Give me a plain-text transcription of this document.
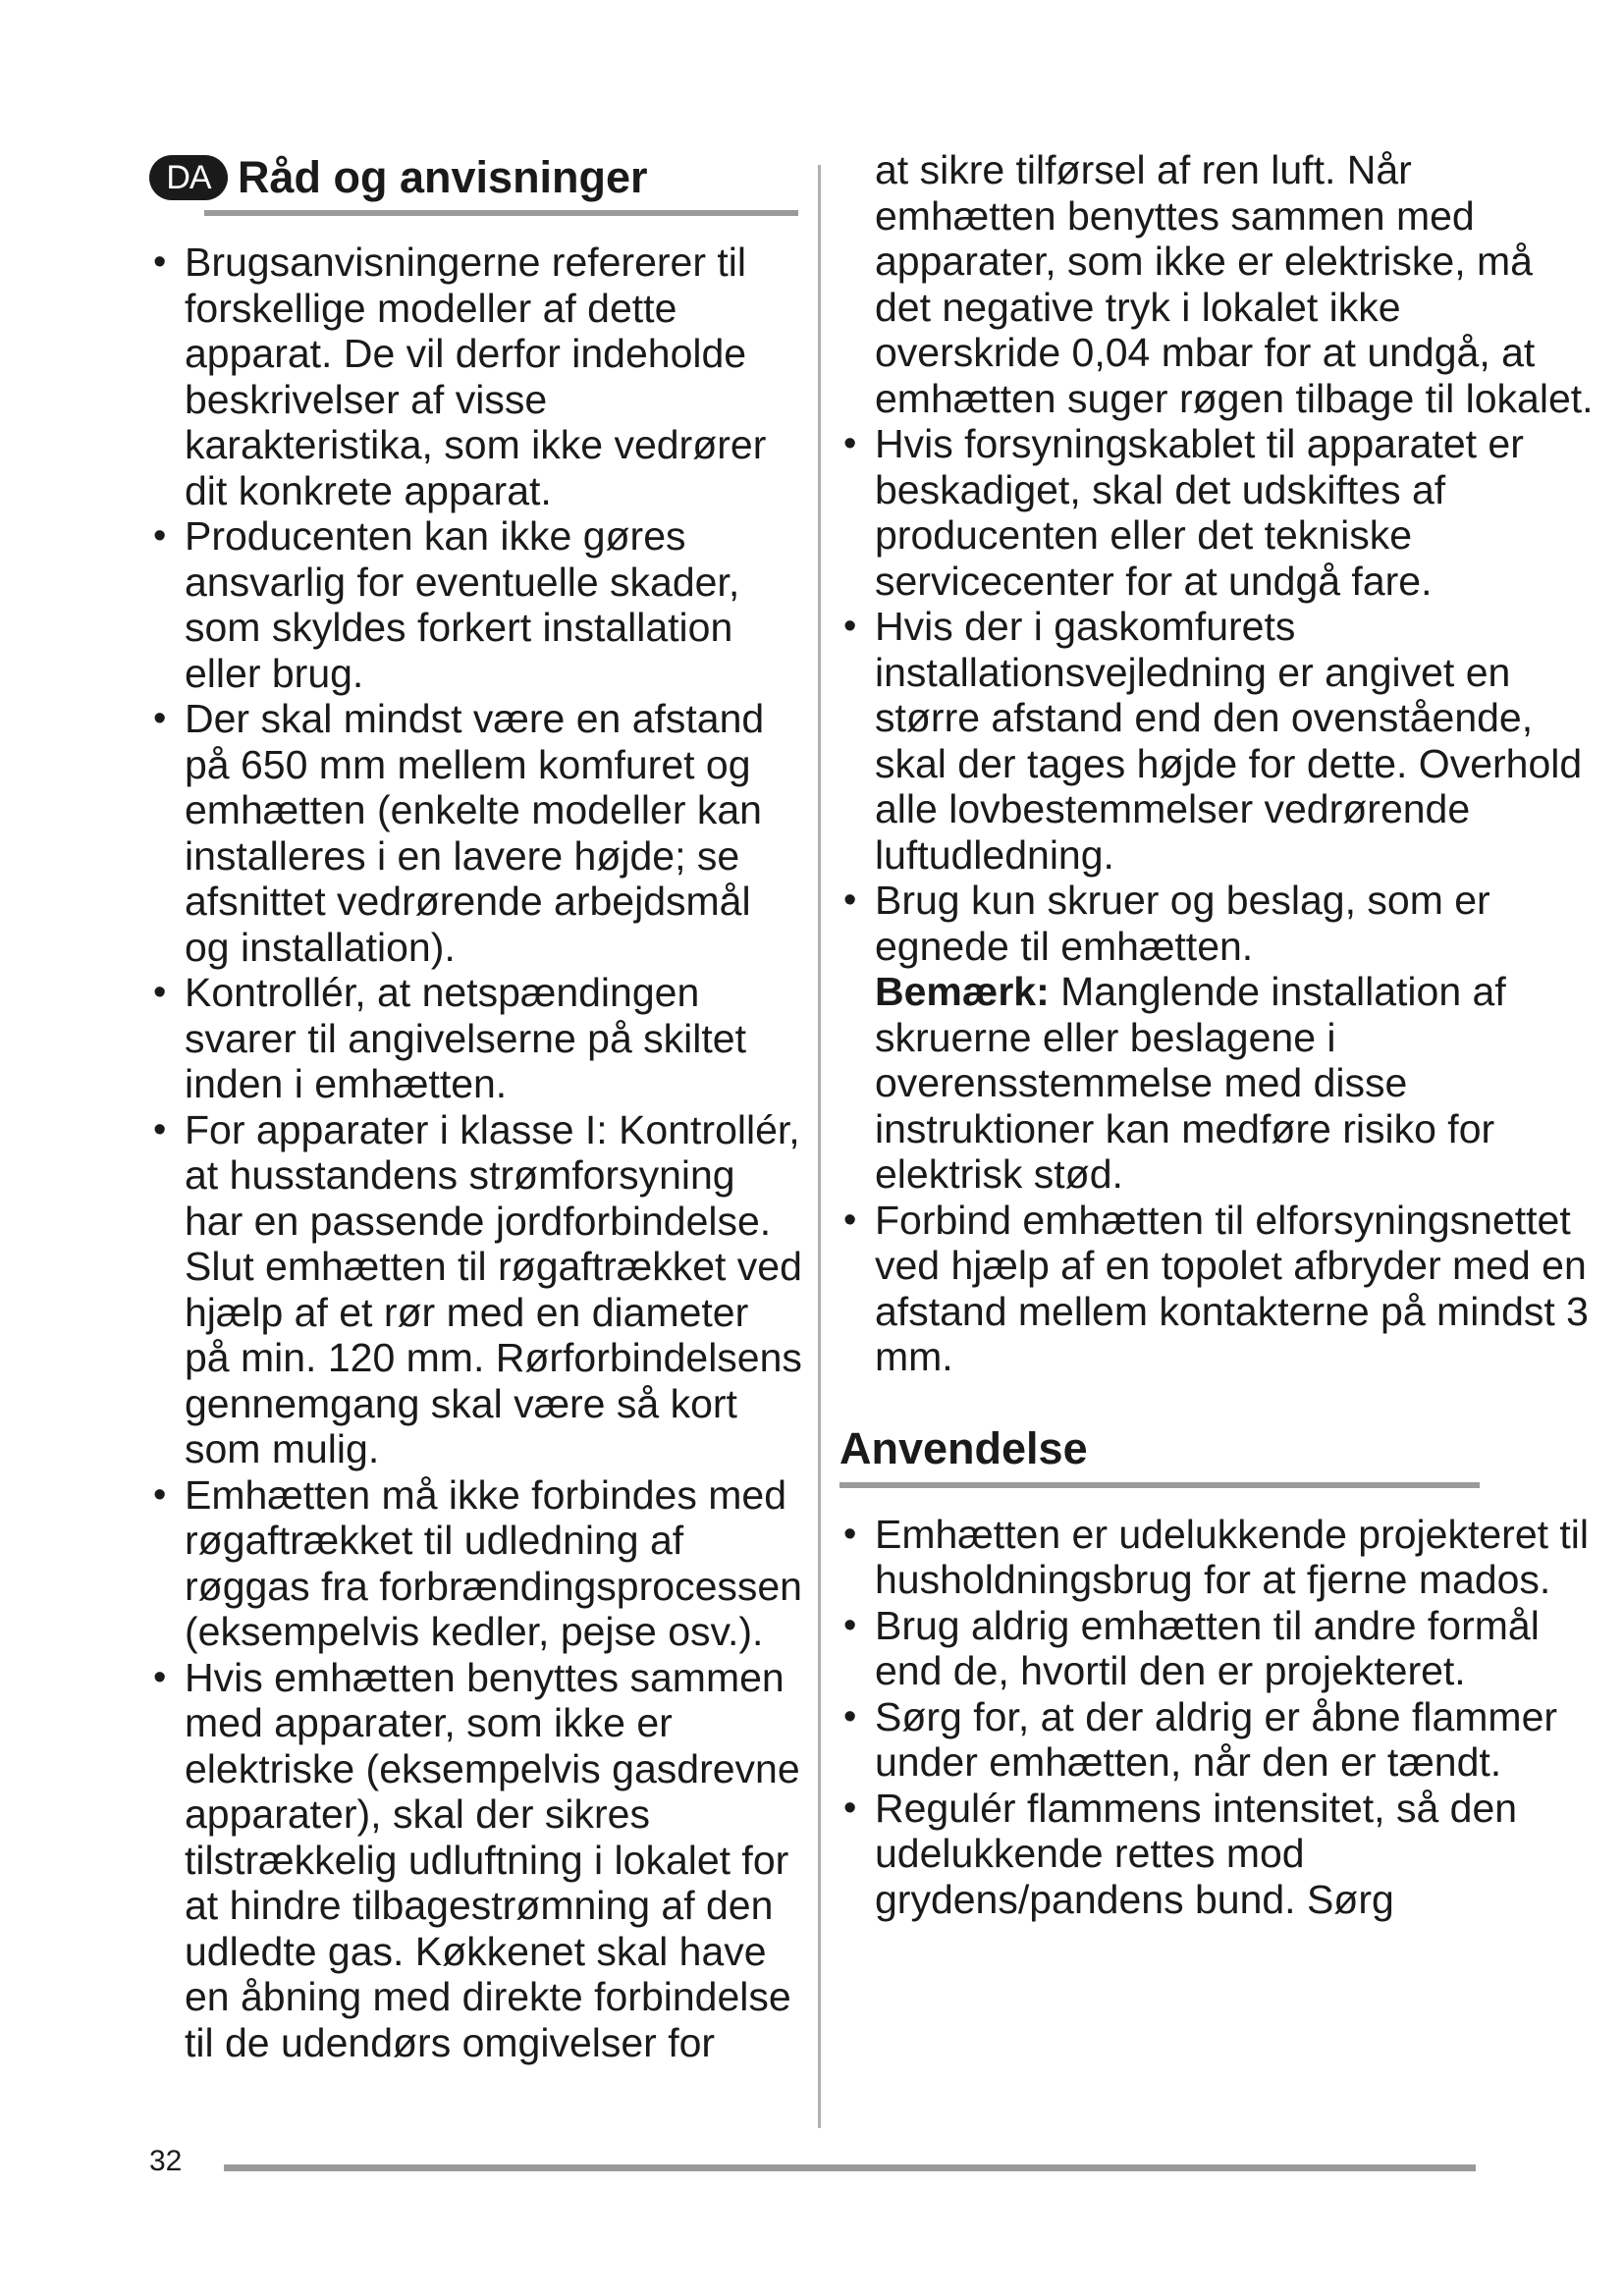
DA Råd og anvisninger
• Brugsanvisningerne refererer til forskellige modeller af dette apparat. De vil derfor indeholde beskrivelser af visse karakteristika, som ikke vedrører dit konkrete apparat.
• Producenten kan ikke gøres ansvarlig for eventuelle skader, som skyldes forkert installation eller brug.
• Der skal mindst være en afstand på 650 mm mellem komfuret og emhætten (enkelte modeller kan installeres i en lavere højde; se afsnittet vedrørende arbejdsmål og installation).
• Kontrollér, at netspændingen svarer til angivelserne på skiltet inden i emhætten.
• For apparater i klasse I: Kontrollér, at husstandens strømforsyning har en passende jordforbindelse. Slut emhætten til røgaftrækket ved hjælp af et rør med en diameter på min. 120 mm. Rørforbindelsens gennemgang skal være så kort som mulig.
• Emhætten må ikke forbindes med røgaftrækket til udledning af røggas fra forbrændingsprocessen (eksempelvis kedler, pejse osv.).
• Hvis emhætten benyttes sammen med apparater, som ikke er elektriske (eksempelvis gasdrevne apparater), skal der sikres tilstrækkelig udluftning i lokalet for at hindre tilbagestrømning af den udledte gas. Køkkenet skal have en åbning med direkte forbindelse til de udendørs omgivelser for
at sikre tilførsel af ren luft. Når emhætten benyttes sammen med apparater, som ikke er elektriske, må det negative tryk i lokalet ikke overskride 0,04 mbar for at undgå, at emhætten suger røgen tilbage til lokalet.
• Hvis forsyningskablet til apparatet er beskadiget, skal det udskiftes af producenten eller det tekniske servicecenter for at undgå fare.
• Hvis der i gaskomfurets installationsvejledning er angivet en større afstand end den ovenstående, skal der tages højde for dette. Overhold alle lovbestemmelser vedrørende luftudledning.
• Brug kun skruer og beslag, som er egnede til emhætten.
Bemærk: Manglende installation af skruerne eller beslagene i overensstemmelse med disse instruktioner kan medføre risiko for elektrisk stød.
• Forbind emhætten til elforsyningsnettet ved hjælp af en topolet afbryder med en afstand mellem kontakterne på mindst 3 mm.
Anvendelse
• Emhætten er udelukkende projekteret til husholdningsbrug for at fjerne mados.
• Brug aldrig emhætten til andre formål end de, hvortil den er projekteret.
• Sørg for, at der aldrig er åbne flammer under emhætten, når den er tændt.
• Regulér flammens intensitet, så den udelukkende rettes mod grydens/pandens bund. Sørg
32
